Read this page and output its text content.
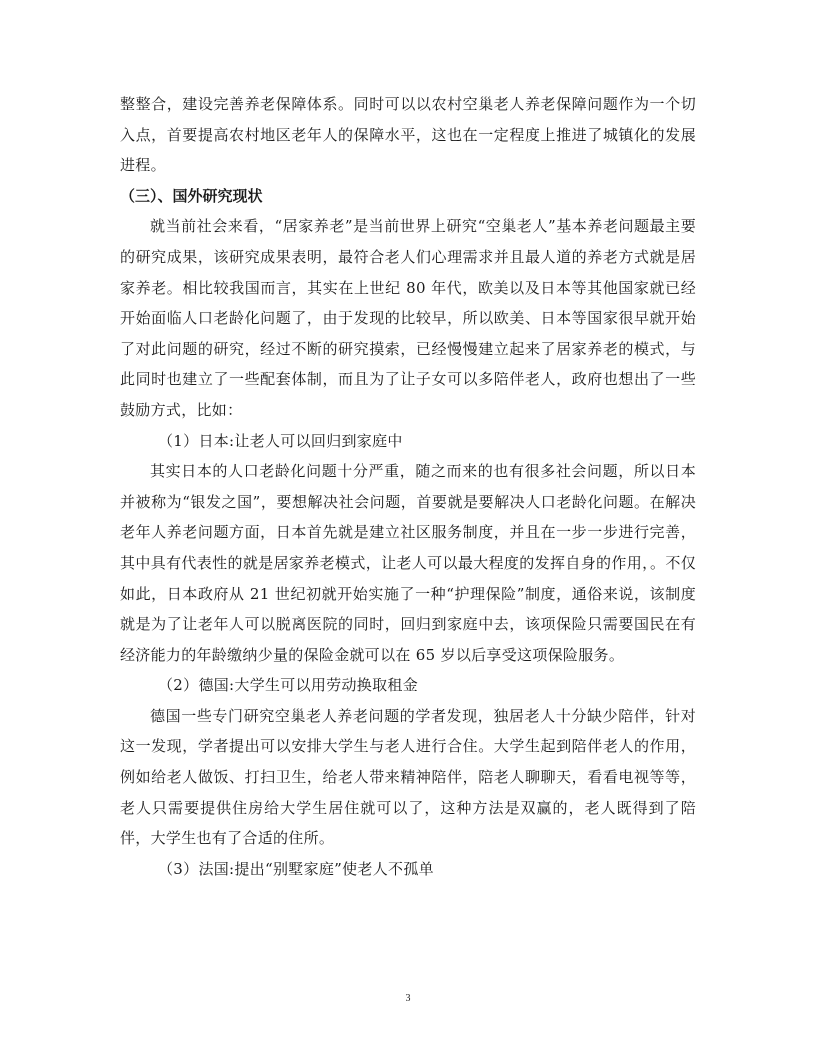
整整合，建设完善养老保障体系。同时可以以农村空巢老人养老保障问题作为一个切入点，首要提高农村地区老年人的保障水平，这也在一定程度上推进了城镇化的发展进程。

（三）、国外研究现状

就当前社会来看，“居家养老”是当前世界上研究“空巢老人”基本养老问题最主要的研究成果，该研究成果表明，最符合老人们心理需求并且最人道的养老方式就是居家养老。相比较我国而言，其实在上世纪 80 年代，欧美以及日本等其他国家就已经开始面临人口老龄化问题了，由于发现的比较早，所以欧美、日本等国家很早就开始了对此问题的研究，经过不断的研究摸索，已经慢慢建立起来了居家养老的模式，与此同时也建立了一些配套体制，而且为了让子女可以多陪伴老人，政府也想出了一些鼓励方式，比如：

（1）日本:让老人可以回归到家庭中

其实日本的人口老龄化问题十分严重，随之而来的也有很多社会问题，所以日本并被称为“银发之国”，要想解决社会问题，首要就是要解决人口老龄化问题。在解决老年人养老问题方面，日本首先就是建立社区服务制度，并且在一步一步进行完善，其中具有代表性的就是居家养老模式，让老人可以最大程度的发挥自身的作用，。不仅如此，日本政府从 21 世纪初就开始实施了一种“护理保险”制度，通俗来说，该制度就是为了让老年人可以脱离医院的同时，回归到家庭中去，该项保险只需要国民在有经济能力的年龄缴纳少量的保险金就可以在 65 岁以后享受这项保险服务。

（2）德国:大学生可以用劳动换取租金

德国一些专门研究空巢老人养老问题的学者发现，独居老人十分缺少陪伴，针对这一发现，学者提出可以安排大学生与老人进行合住。大学生起到陪伴老人的作用，例如给老人做饭、打扫卫生，给老人带来精神陪伴，陪老人聊聊天，看看电视等等，老人只需要提供住房给大学生居住就可以了，这种方法是双赢的，老人既得到了陪伴，大学生也有了合适的住所。

（3）法国:提出“别墅家庭”使老人不孤单

3
